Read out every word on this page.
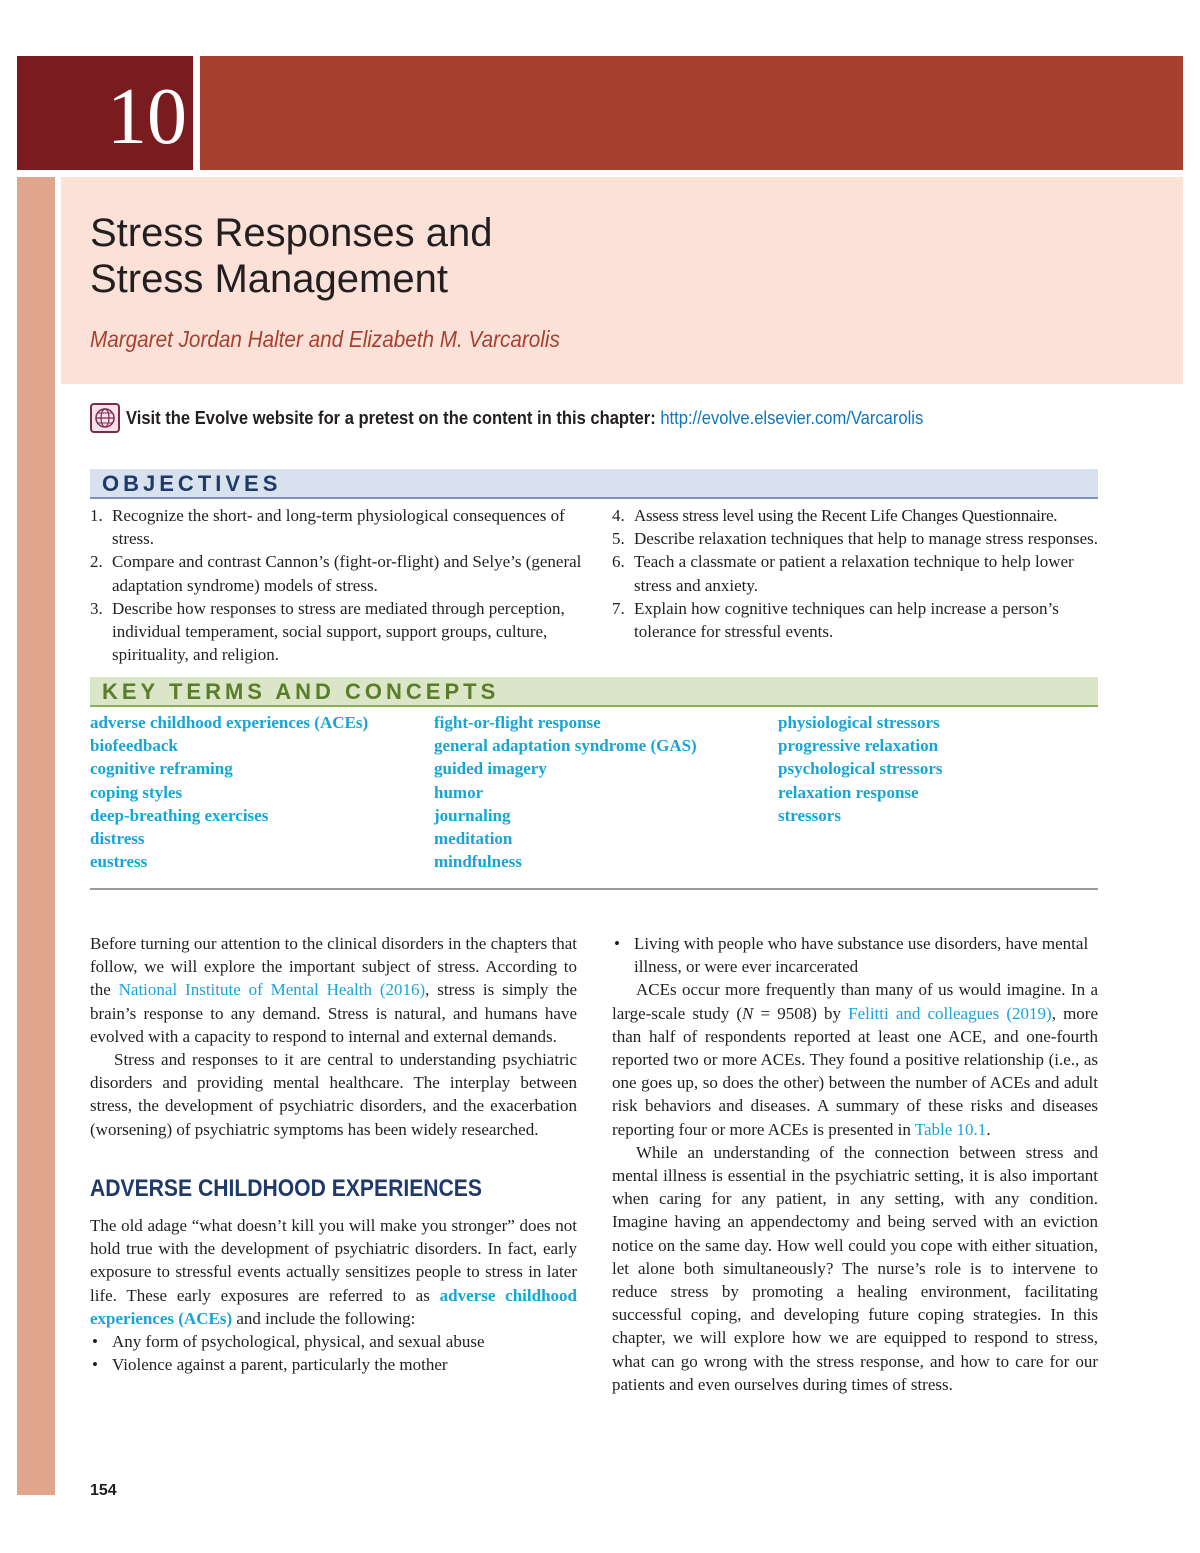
10
Stress Responses and
Stress Management
Margaret Jordan Halter and Elizabeth M. Varcarolis
Visit the Evolve website for a pretest on the content in this chapter: http://evolve.elsevier.com/Varcarolis
OBJECTIVES
1. Recognize the short- and long-term physiological consequences of stress.
2. Compare and contrast Cannon’s (fight-or-flight) and Selye’s (general adaptation syndrome) models of stress.
3. Describe how responses to stress are mediated through perception, individual temperament, social support, support groups, culture, spirituality, and religion.
4. Assess stress level using the Recent Life Changes Questionnaire.
5. Describe relaxation techniques that help to manage stress responses.
6. Teach a classmate or patient a relaxation technique to help lower stress and anxiety.
7. Explain how cognitive techniques can help increase a person’s tolerance for stressful events.
KEY TERMS AND CONCEPTS
adverse childhood experiences (ACEs)
biofeedback
cognitive reframing
coping styles
deep-breathing exercises
distress
eustress
fight-or-flight response
general adaptation syndrome (GAS)
guided imagery
humor
journaling
meditation
mindfulness
physiological stressors
progressive relaxation
psychological stressors
relaxation response
stressors

Before turning our attention to the clinical disorders in the chapters that follow, we will explore the important subject of stress. According to the National Institute of Mental Health (2016), stress is simply the brain’s response to any demand. Stress is natural, and humans have evolved with a capacity to respond to internal and external demands.

Stress and responses to it are central to understanding psychiatric disorders and providing mental healthcare. The interplay between stress, the development of psychiatric disorders, and the exacerbation (worsening) of psychiatric symptoms has been widely researched.

ADVERSE CHILDHOOD EXPERIENCES

The old adage “what doesn’t kill you will make you stronger” does not hold true with the development of psychiatric disorders. In fact, early exposure to stressful events actually sensitizes people to stress in later life. These early exposures are referred to as adverse childhood experiences (ACEs) and include the following:

• Any form of psychological, physical, and sexual abuse
• Violence against a parent, particularly the mother
• Living with people who have substance use disorders, have mental illness, or were ever incarcerated

ACEs occur more frequently than many of us would imagine. In a large-scale study (N = 9508) by Felitti and colleagues (2019), more than half of respondents reported at least one ACE, and one-fourth reported two or more ACEs. They found a positive relationship (i.e., as one goes up, so does the other) between the number of ACEs and adult risk behaviors and diseases. A summary of these risks and diseases reporting four or more ACEs is presented in Table 10.1.

While an understanding of the connection between stress and mental illness is essential in the psychiatric setting, it is also important when caring for any patient, in any setting, with any condition. Imagine having an appendectomy and being served with an eviction notice on the same day. How well could you cope with either situation, let alone both simultaneously? The nurse’s role is to intervene to reduce stress by promoting a healing environment, facilitating successful coping, and developing future coping strategies. In this chapter, we will explore how we are equipped to respond to stress, what can go wrong with the stress response, and how to care for our patients and even ourselves during times of stress.

154
